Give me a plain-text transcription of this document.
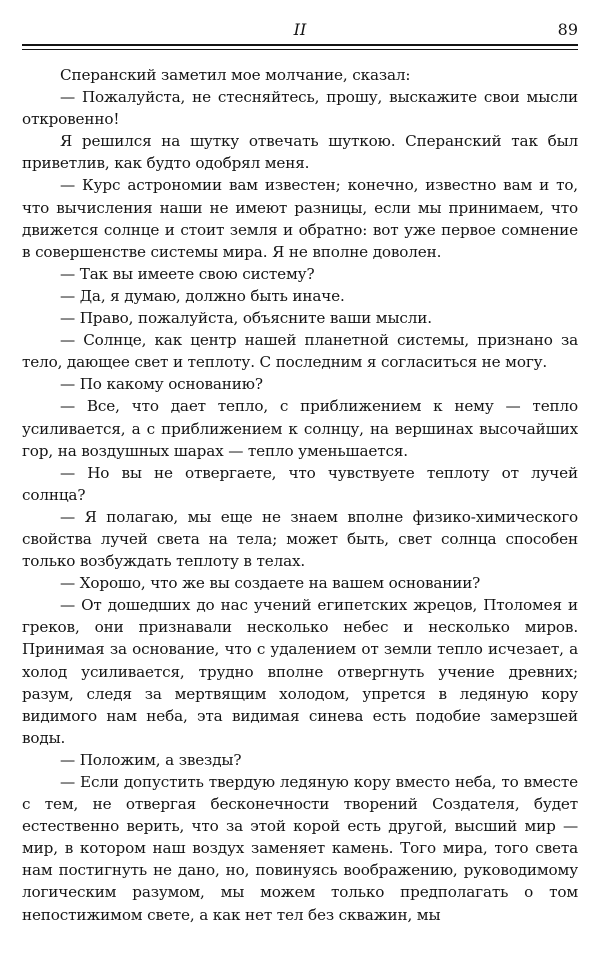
II	89

Сперанский заметил мое молчание, сказал:

— Пожалуйста, не стесняйтесь, прошу, выскажите свои мысли откровенно!

Я решился на шутку отвечать шуткою. Сперанский так был приветлив, как будто одобрял меня.

— Курс астрономии вам известен; конечно, известно вам и то, что вычисления наши не имеют разницы, если мы принимаем, что движется солнце и стоит земля и обратно: вот уже первое сомнение в совершенстве системы мира. Я не вполне доволен.

— Так вы имеете свою систему?

— Да, я думаю, должно быть иначе.

— Право, пожалуйста, объясните ваши мысли.

— Солнце, как центр нашей планетной системы, признано за тело, дающее свет и теплоту. С последним я согласиться не могу.

— По какому основанию?

— Все, что дает тепло, с приближением к нему — тепло усиливается, а с приближением к солнцу, на вершинах высочайших гор, на воздушных шарах — тепло уменьшается.

— Но вы не отвергаете, что чувствуете теплоту от лучей солнца?

— Я полагаю, мы еще не знаем вполне физико-химического свойства лучей света на тела; может быть, свет солнца способен только возбуждать теплоту в телах.

— Хорошо, что же вы создаете на вашем основании?

— От дошедших до нас учений египетских жрецов, Птоломея и греков, они признавали несколько небес и несколько миров. Принимая за основание, что с удалением от земли тепло исчезает, а холод усиливается, трудно вполне отвергнуть учение древних; разум, следя за мертвящим холодом, упрется в ледяную кору видимого нам неба, эта видимая синева есть подобие замерзшей воды.

— Положим, а звезды?

— Если допустить твердую ледяную кору вместо неба, то вместе с тем, не отвергая бесконечности творений Создателя, будет естественно верить, что за этой корой есть другой, высший мир — мир, в котором наш воздух заменяет камень. Того мира, того света нам постигнуть не дано, но, повинуясь воображению, руководимому логическим разумом, мы можем только предполагать о том непостижимом свете, а как нет тел без скважин, мы
